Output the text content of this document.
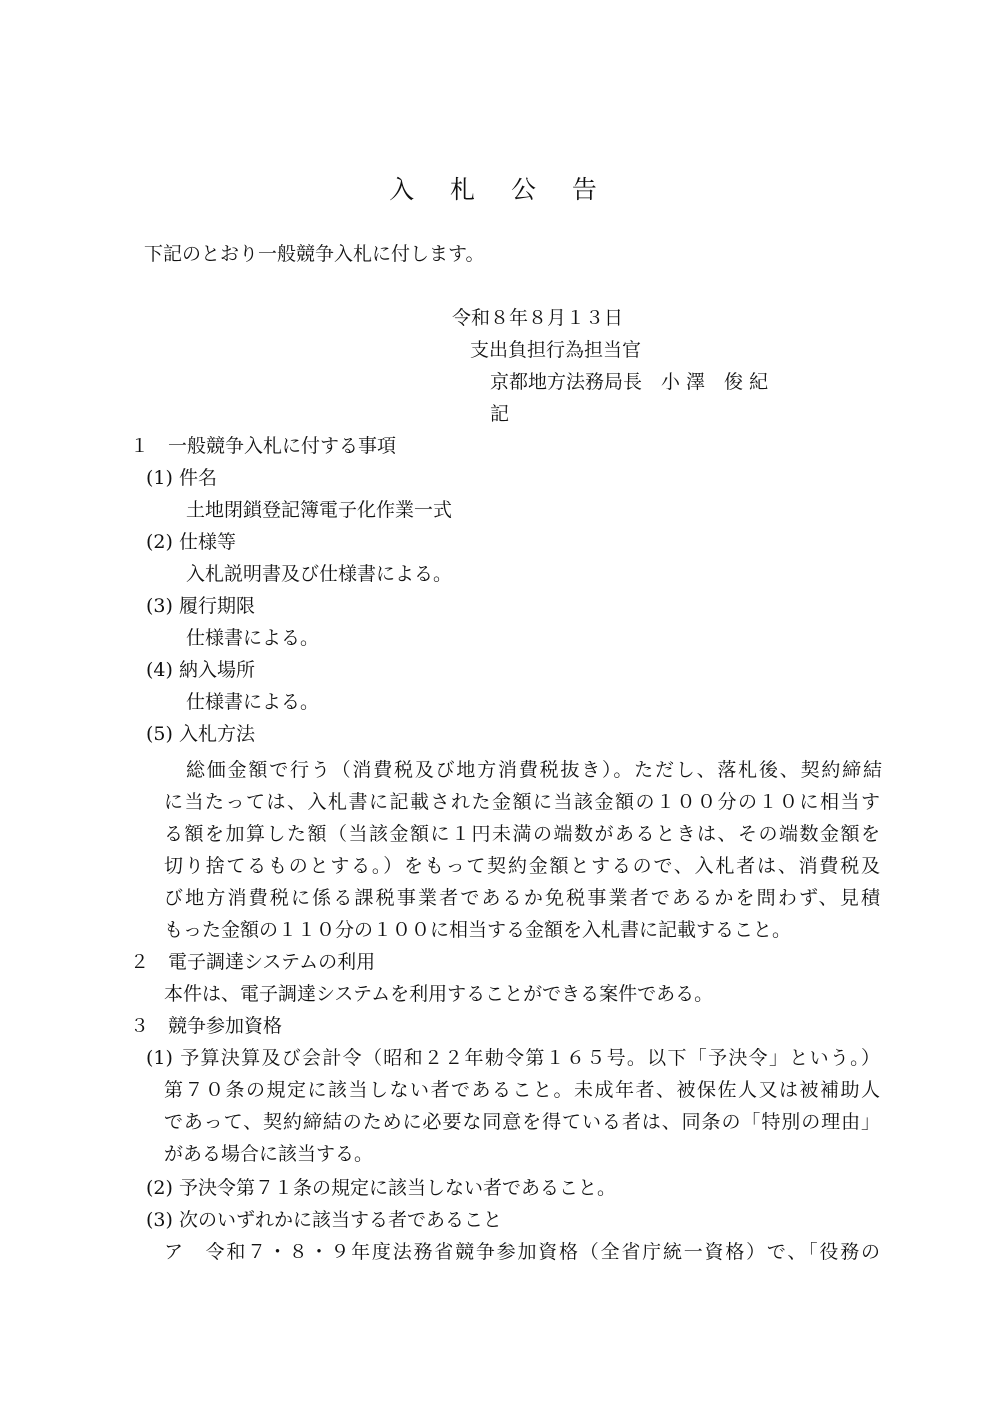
入 札 公 告
下記のとおり一般競争入札に付します。
令和８年８月１３日
支出負担行為担当官
京都地方法務局長　小 澤　俊 紀
記
１　一般競争入札に付する事項
(1) 件名
土地閉鎖登記簿電子化作業一式
(2) 仕様等
入札説明書及び仕様書による。
(3) 履行期限
仕様書による。
(4) 納入場所
仕様書による。
(5) 入札方法
総価金額で行う（消費税及び地方消費税抜き）。ただし、落札後、契約締結
に当たっては、入札書に記載された金額に当該金額の１００分の１０に相当す
る額を加算した額（当該金額に１円未満の端数があるときは、その端数金額を
切り捨てるものとする。）をもって契約金額とするので、入札者は、消費税及
び地方消費税に係る課税事業者であるか免税事業者であるかを問わず、見積
もった金額の１１０分の１００に相当する金額を入札書に記載すること。
２　電子調達システムの利用
本件は、電子調達システムを利用することができる案件である。
３　競争参加資格
(1) 予算決算及び会計令（昭和２２年勅令第１６５号。以下「予決令」という。）
第７０条の規定に該当しない者であること。未成年者、被保佐人又は被補助人
であって、契約締結のために必要な同意を得ている者は、同条の「特別の理由」
がある場合に該当する。
(2) 予決令第７１条の規定に該当しない者であること。
(3) 次のいずれかに該当する者であること
ア　令和７・８・９年度法務省競争参加資格（全省庁統一資格）で、「役務の
